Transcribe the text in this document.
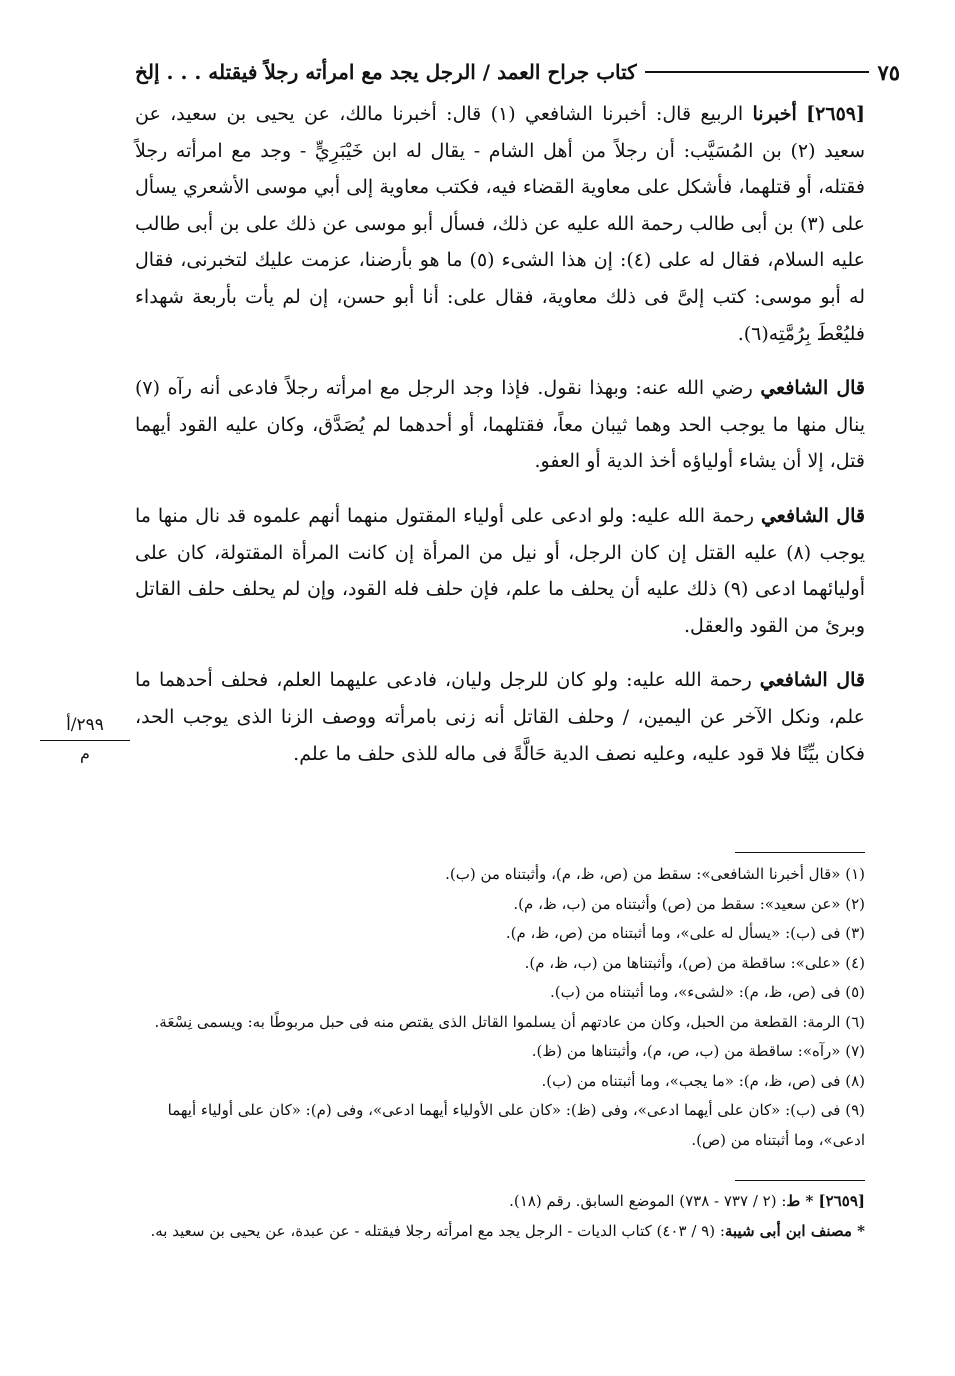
كتاب جراح العمد / الرجل يجد مع امرأته رجلاً فيقتله . . . إلخ	٧٥

[٢٦٥٩] أخبرنا الربيع قال: أخبرنا الشافعي (١) قال: أخبرنا مالك، عن يحيى بن سعيد، عن سعيد (٢) بن المُسَيَّب: أن رجلاً من أهل الشام - يقال له ابن خَيْبَرِيٍّ - وجد مع امرأته رجلاً فقتله، أو قتلهما، فأشكل على معاوية القضاء فيه، فكتب معاوية إلى أبي موسى الأشعري يسأل على (٣) بن أبى طالب رحمة الله عليه عن ذلك، فسأل أبو موسى عن ذلك على بن أبى طالب عليه السلام، فقال له على (٤): إن هذا الشىء (٥) ما هو بأرضنا، عزمت عليك لتخبرنى، فقال له أبو موسى: كتب إلىَّ فى ذلك معاوية، فقال على: أنا أبو حسن، إن لم يأت بأربعة شهداء فليُعْطَ بِرُمَّتِه(٦).

قال الشافعي رضي الله عنه: وبهذا نقول. فإذا وجد الرجل مع امرأته رجلاً فادعى أنه رآه (٧) ينال منها ما يوجب الحد وهما ثيبان معاً، فقتلهما، أو أحدهما لم يُصَدَّق، وكان عليه القود أيهما قتل، إلا أن يشاء أولياؤه أخذ الدية أو العفو.

قال الشافعي رحمة الله عليه: ولو ادعى على أولياء المقتول منهما أنهم علموه قد نال منها ما يوجب (٨) عليه القتل إن كان الرجل، أو نيل من المرأة إن كانت المرأة المقتولة، كان على أوليائهما ادعى (٩) ذلك عليه أن يحلف ما علم، فإن حلف فله القود، وإن لم يحلف حلف القاتل وبرئ من القود والعقل.

قال الشافعي رحمة الله عليه: ولو كان للرجل وليان، فادعى عليهما العلم، فحلف أحدهما ما علم، ونكل الآخر عن اليمين، / وحلف القاتل أنه زنى بامرأته ووصف الزنا الذى يوجب الحد، فكان بيِّنًا فلا قود عليه، وعليه نصف الدية حَالَّةً فى ماله للذى حلف ما علم.

٢٩٩/أ
م

(١) «قال أخبرنا الشافعى»: سقط من (ص، ظ، م)، وأثبتناه من (ب).

(٢) «عن سعيد»: سقط من (ص) وأثبتناه من (ب، ظ، م).

(٣) فى (ب): «يسأل له على»، وما أثبتناه من (ص، ظ، م).

(٤) «على»: ساقطة من (ص)، وأثبتناها من (ب، ظ، م).

(٥) فى (ص، ظ، م): «لشىء»، وما أثبتناه من (ب).

(٦) الرمة: القطعة من الحبل، وكان من عادتهم أن يسلموا القاتل الذى يقتص منه فى حبل مربوطًا به: ويسمى نِسْعَة.

(٧) «رآه»: ساقطة من (ب، ص، م)، وأثبتناها من (ظ).

(٨) فى (ص، ظ، م): «ما يجب»، وما أثبتناه من (ب).

(٩) فى (ب): «كان على أيهما ادعى»، وفى (ظ): «كان على الأولياء أيهما ادعى»، وفى (م): «كان على أولياء أيهما ادعى»، وما أثبتناه من (ص).

[٢٦٥٩] * ط: (٢ / ٧٣٧ - ٧٣٨) الموضع السابق. رقم (١٨).

* مصنف ابن أبى شيبة: (٩ / ٤٠٣) كتاب الديات - الرجل يجد مع امرأته رجلا فيقتله - عن عبدة، عن يحيى بن سعيد به.
